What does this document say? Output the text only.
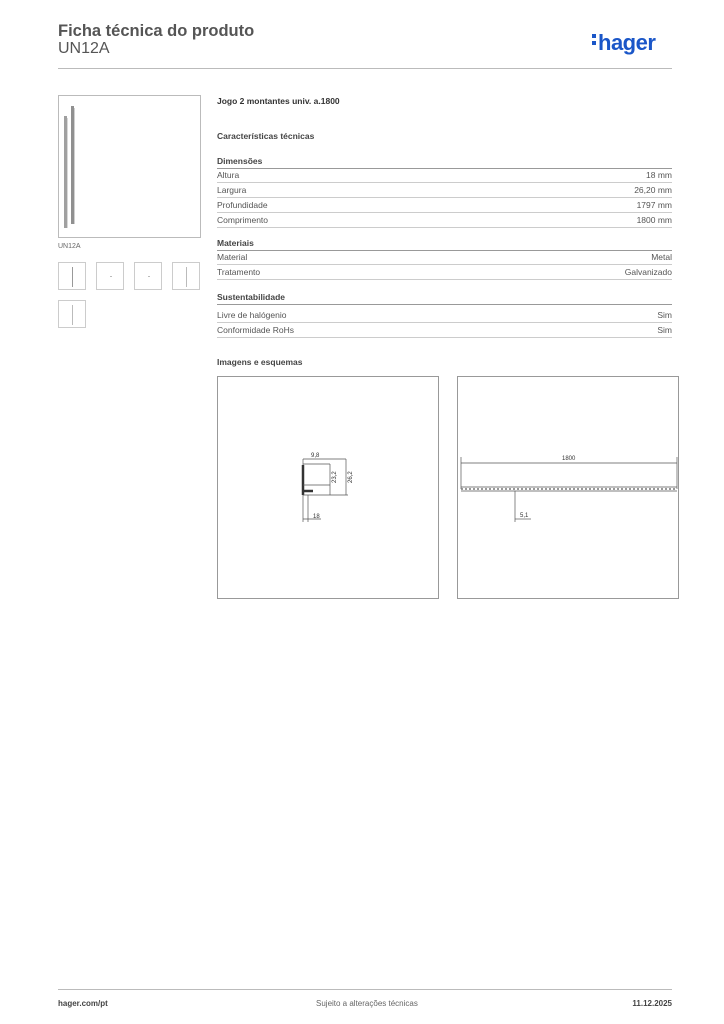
Ficha técnica do produto
UN12A	hager
UN12A
Jogo 2 montantes univ. a.1800
Características técnicas
Dimensões
Altura	18 mm
Largura	26,20 mm
Profundidade	1797 mm
Comprimento	1800 mm
Materiais
Material	Metal
Tratamento	Galvanizado
Sustentabilidade
Livre de halógenio	Sim
Conformidade RoHs	Sim
Imagens e esquemas
9,8
23,2 26,2
18
1800
5,1
hager.com/pt	Sujeito a alterações técnicas	11.12.2025
